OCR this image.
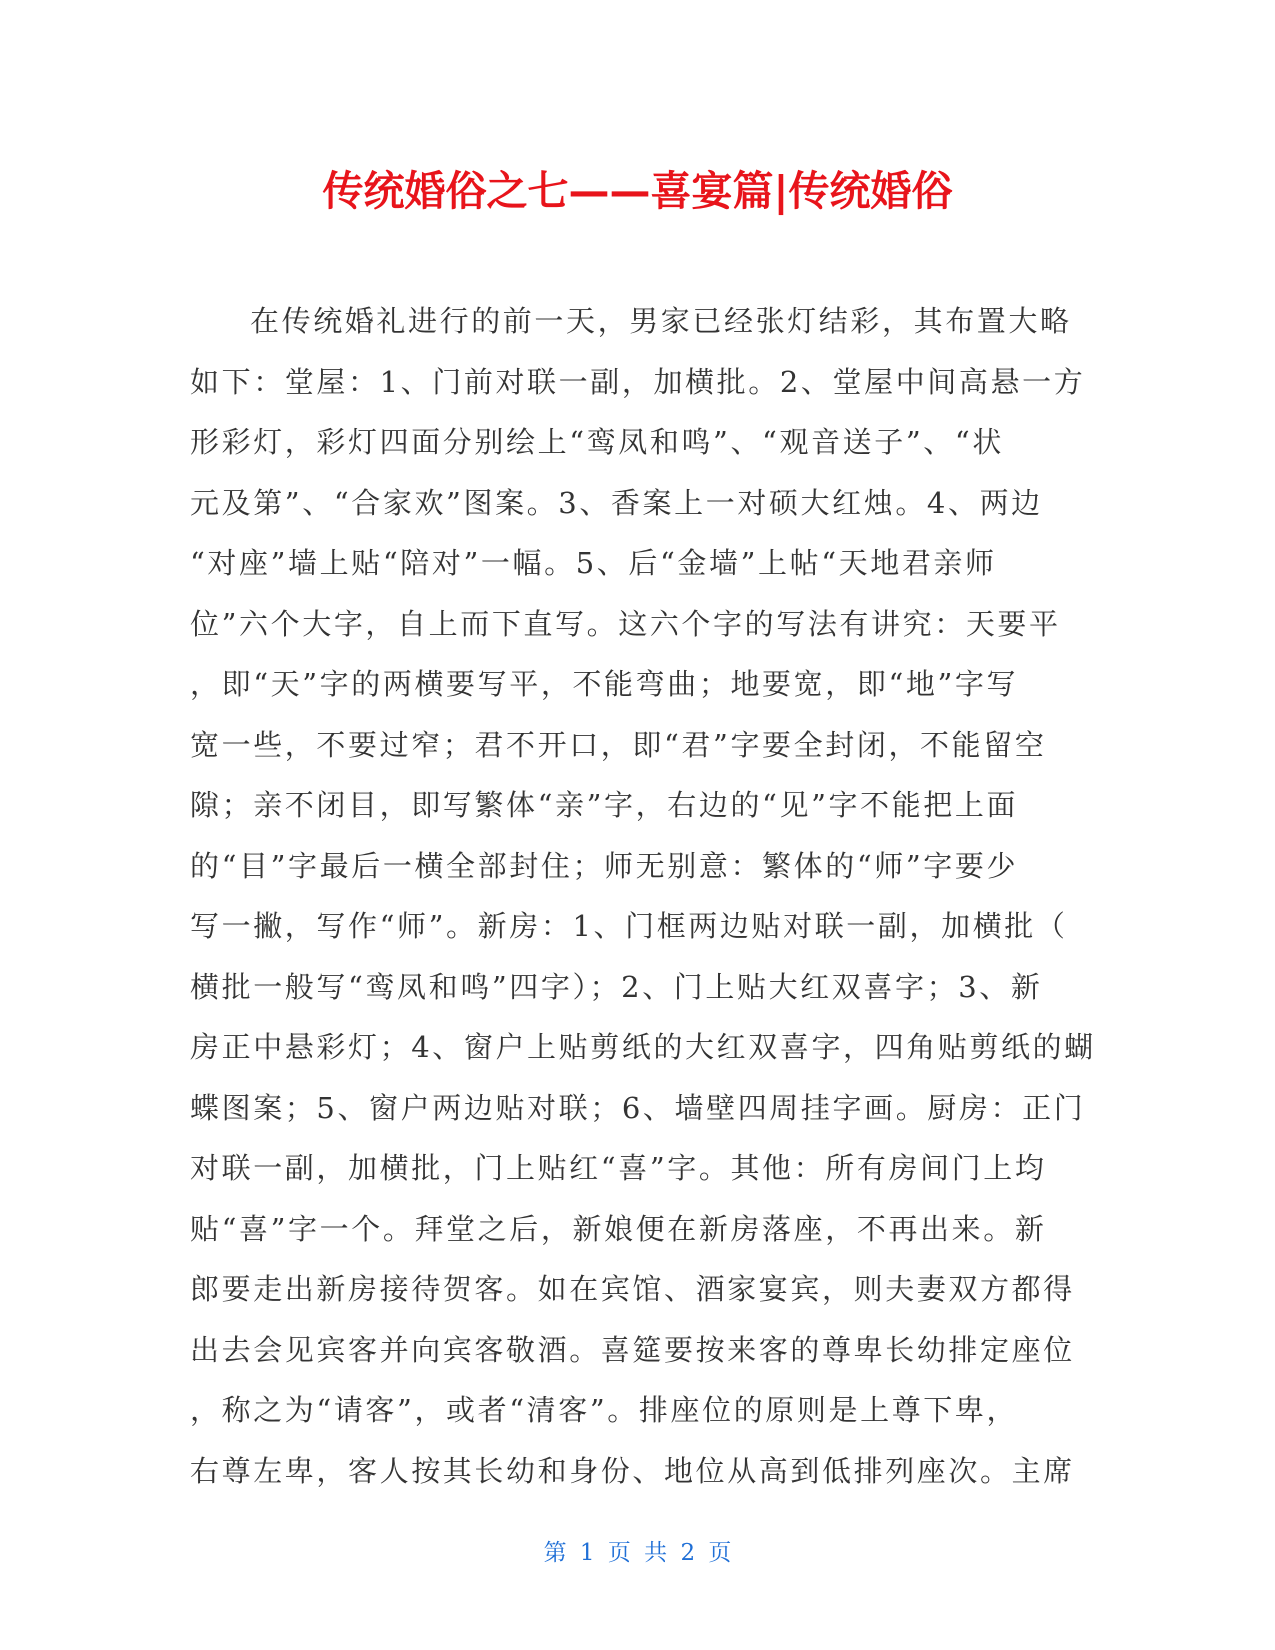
传统婚俗之七——喜宴篇|传统婚俗
在传统婚礼进行的前一天，男家已经张灯结彩，其布置大略
如下：堂屋：1、门前对联一副，加横批。2、堂屋中间高悬一方
形彩灯，彩灯四面分别绘上“鸾凤和鸣”、“观音送子”、“状
元及第”、“合家欢”图案。3、香案上一对硕大红烛。4、两边
“对座”墙上贴“陪对”一幅。5、后“金墙”上帖“天地君亲师
位”六个大字，自上而下直写。这六个字的写法有讲究：天要平
，即“天”字的两横要写平，不能弯曲；地要宽，即“地”字写
宽一些，不要过窄；君不开口，即“君”字要全封闭，不能留空
隙；亲不闭目，即写繁体“亲”字，右边的“见”字不能把上面
的“目”字最后一横全部封住；师无别意：繁体的“师”字要少
写一撇，写作“师”。新房：1、门框两边贴对联一副，加横批（
横批一般写“鸾凤和鸣”四字）；2、门上贴大红双喜字；3、新
房正中悬彩灯；4、窗户上贴剪纸的大红双喜字，四角贴剪纸的蝴
蝶图案；5、窗户两边贴对联；6、墙壁四周挂字画。厨房：正门
对联一副，加横批，门上贴红“喜”字。其他：所有房间门上均
贴“喜”字一个。拜堂之后，新娘便在新房落座，不再出来。新
郎要走出新房接待贺客。如在宾馆、酒家宴宾，则夫妻双方都得
出去会见宾客并向宾客敬酒。喜筵要按来客的尊卑长幼排定座位
，称之为“请客”，或者“清客”。排座位的原则是上尊下卑，
右尊左卑，客人按其长幼和身份、地位从高到低排列座次。主席
第 1 页 共 2 页
